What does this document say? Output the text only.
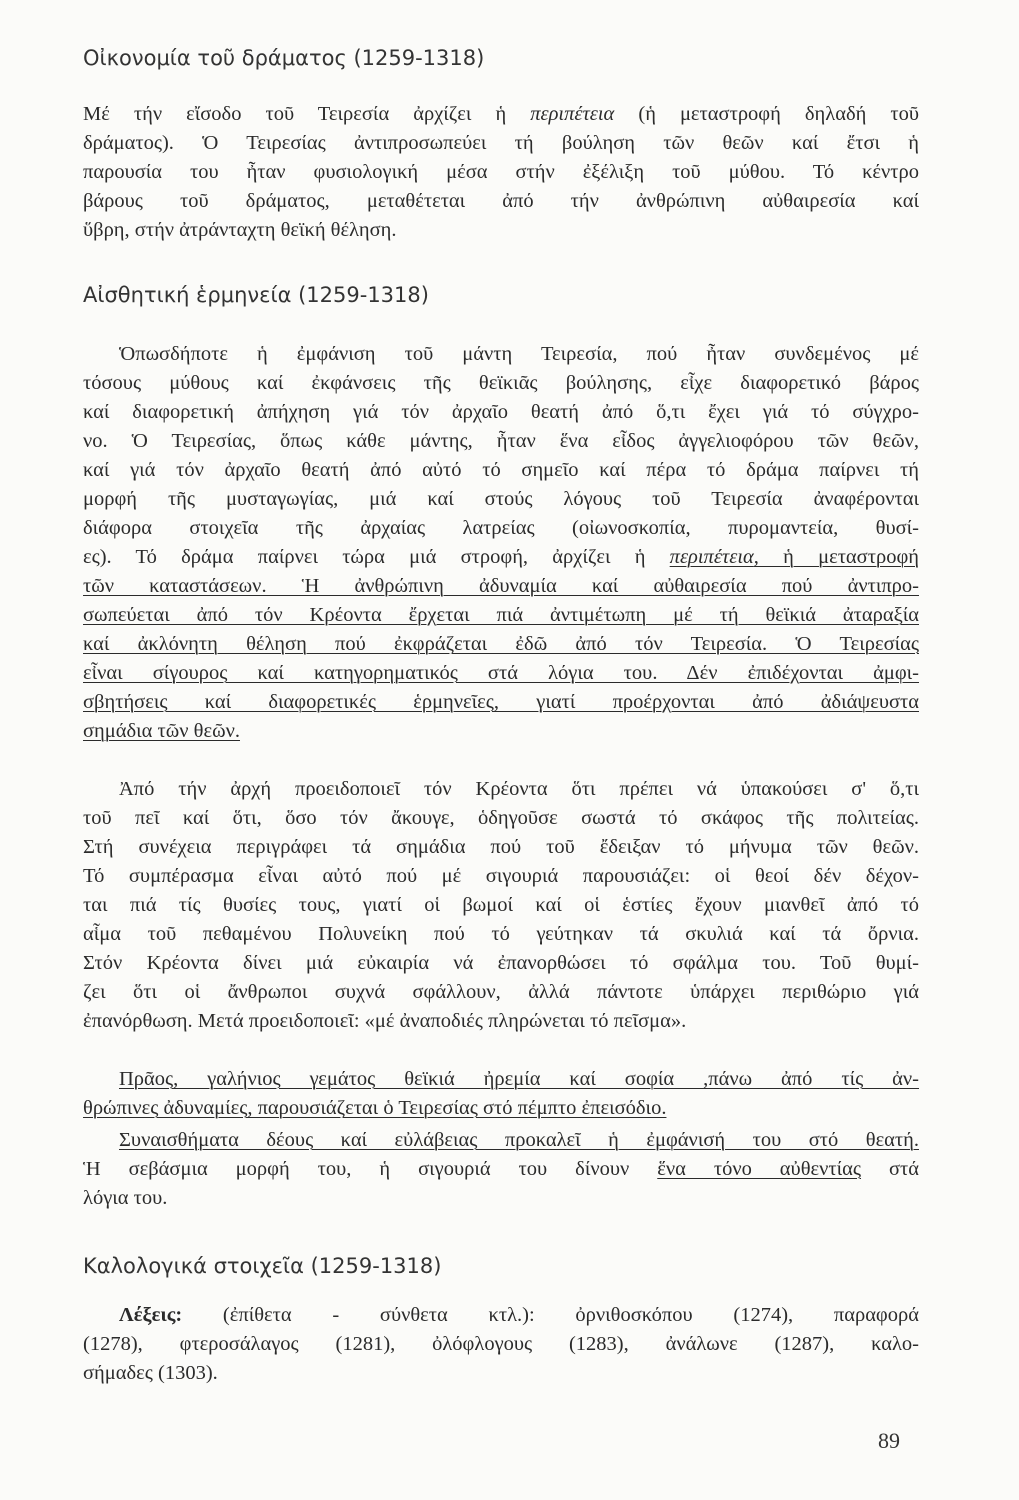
Οἰκονομία τοῦ δράματος (1259-1318)
Μέ τήν εἴσοδο τοῦ Τειρεσία ἀρχίζει ἡ περιπέτεια (ἡ μεταστροφή δηλαδή τοῦ
δράματος). Ὁ Τειρεσίας ἀντιπροσωπεύει τή βούληση τῶν θεῶν καί ἔτσι ἡ
παρουσία του ἦταν φυσιολογική μέσα στήν ἐξέλιξη τοῦ μύθου. Τό κέντρο
βάρους τοῦ δράματος, μεταθέτεται ἀπό τήν ἀνθρώπινη αὐθαιρεσία καί
ὕβρη, στήν ἀτράνταχτη θεϊκή θέληση.
Αἰσθητική ἑρμηνεία (1259-1318)
Ὁπωσδήποτε ἡ ἐμφάνιση τοῦ μάντη Τειρεσία, πού ἦταν συνδεμένος μέ
τόσους μύθους καί ἐκφάνσεις τῆς θεϊκιᾶς βούλησης, εἶχε διαφορετικό βάρος
καί διαφορετική ἀπήχηση γιά τόν ἀρχαῖο θεατή ἀπό ὅ,τι ἔχει γιά τό σύγχρο-
νο. Ὁ Τειρεσίας, ὅπως κάθε μάντης, ἦταν ἕνα εἶδος ἀγγελιοφόρου τῶν θεῶν,
καί γιά τόν ἀρχαῖο θεατή ἀπό αὐτό τό σημεῖο καί πέρα τό δράμα παίρνει τή
μορφή τῆς μυσταγωγίας, μιά καί στούς λόγους τοῦ Τειρεσία ἀναφέρονται
διάφορα στοιχεῖα τῆς ἀρχαίας λατρείας (οἰωνοσκοπία, πυρομαντεία, θυσί-
ες). Τό δράμα παίρνει τώρα μιά στροφή, ἀρχίζει ἡ περιπέτεια, ἡ μεταστροφή
τῶν καταστάσεων. Ἡ ἀνθρώπινη ἀδυναμία καί αὐθαιρεσία πού ἀντιπρο-
σωπεύεται ἀπό τόν Κρέοντα ἔρχεται πιά ἀντιμέτωπη μέ τή θεϊκιά ἀταραξία
καί ἀκλόνητη θέληση πού ἐκφράζεται ἐδῶ ἀπό τόν Τειρεσία. Ὁ Τειρεσίας
εἶναι σίγουρος καί κατηγορηματικός στά λόγια του. Δέν ἐπιδέχονται ἀμφι-
σβητήσεις καί διαφορετικές ἑρμηνεῖες, γιατί προέρχονται ἀπό ἀδιάψευστα
σημάδια τῶν θεῶν.
Ἀπό τήν ἀρχή προειδοποιεῖ τόν Κρέοντα ὅτι πρέπει νά ὑπακούσει σ' ὅ,τι
τοῦ πεῖ καί ὅτι, ὅσο τόν ἄκουγε, ὁδηγοῦσε σωστά τό σκάφος τῆς πολιτείας.
Στή συνέχεια περιγράφει τά σημάδια πού τοῦ ἔδειξαν τό μήνυμα τῶν θεῶν.
Τό συμπέρασμα εἶναι αὐτό πού μέ σιγουριά παρουσιάζει: οἱ θεοί δέν δέχον-
ται πιά τίς θυσίες τους, γιατί οἱ βωμοί καί οἱ ἑστίες ἔχουν μιανθεῖ ἀπό τό
αἷμα τοῦ πεθαμένου Πολυνείκη πού τό γεύτηκαν τά σκυλιά καί τά ὄρνια.
Στόν Κρέοντα δίνει μιά εὐκαιρία νά ἐπανορθώσει τό σφάλμα του. Τοῦ θυμί-
ζει ὅτι οἱ ἄνθρωποι συχνά σφάλλουν, ἀλλά πάντοτε ὑπάρχει περιθώριο γιά
ἐπανόρθωση. Μετά προειδοποιεῖ: «μέ ἀναποδιές πληρώνεται τό πεῖσμα».
Πρᾶος, γαλήνιος γεμάτος θεϊκιά ἠρεμία καί σοφία ,πάνω ἀπό τίς ἀν-
θρώπινες ἀδυναμίες, παρουσιάζεται ὁ Τειρεσίας στό πέμπτο ἐπεισόδιο.
Συναισθήματα δέους καί εὐλάβειας προκαλεῖ ἡ ἐμφάνισή του στό θεατή.
Ἡ σεβάσμια μορφή του, ἡ σιγουριά του δίνουν ἕνα τόνο αὐθεντίας στά
λόγια του.
Καλολογικά στοιχεῖα (1259-1318)
Λέξεις: (ἐπίθετα - σύνθετα κτλ.): ὀρνιθοσκόπου (1274), παραφορά
(1278), φτεροσάλαγος (1281), ὀλόφλογους (1283), ἀνάλωνε (1287), καλο-
σήμαδες (1303).
89
